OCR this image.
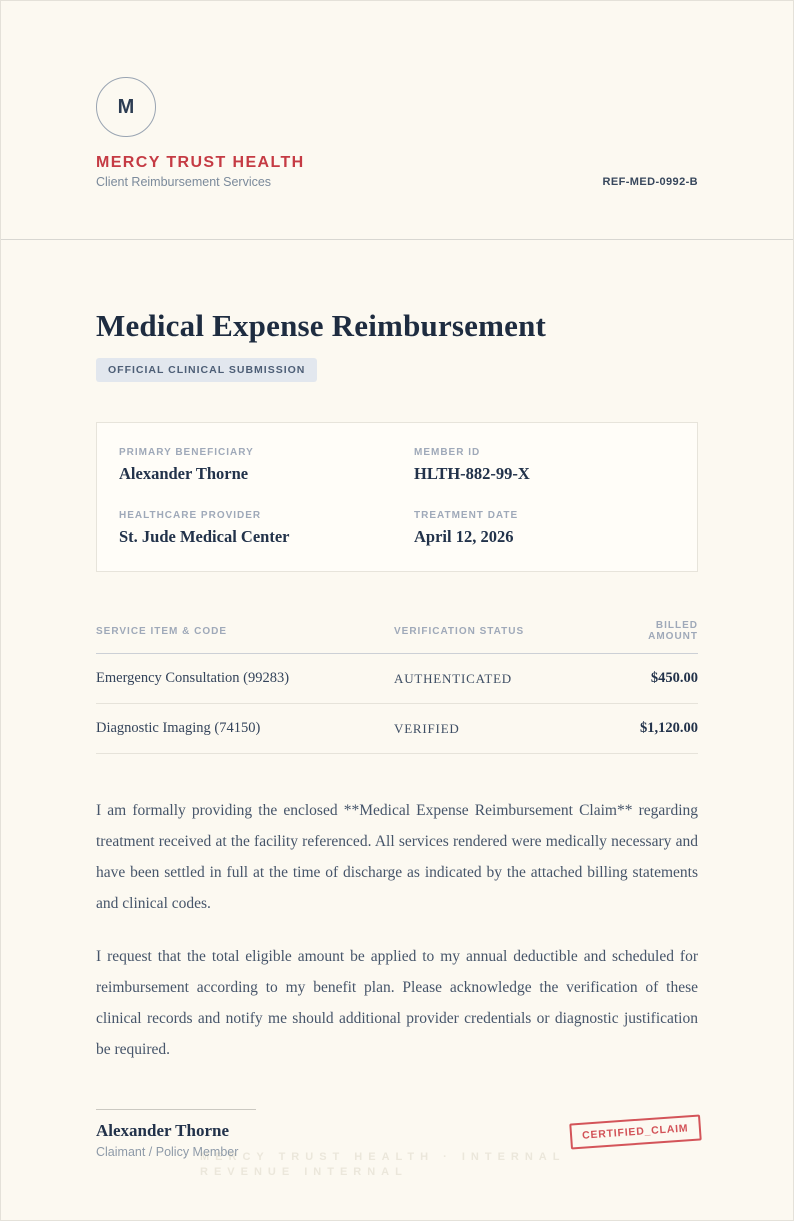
M
MERCY TRUST HEALTH
Client Reimbursement Services	REF-MED-0992-B
Medical Expense Reimbursement
OFFICIAL CLINICAL SUBMISSION
PRIMARY BENEFICIARY
Alexander Thorne
MEMBER ID
HLTH-882-99-X
HEALTHCARE PROVIDER
St. Jude Medical Center
TREATMENT DATE
April 12, 2026
SERVICE ITEM & CODE	VERIFICATION STATUS	BILLED AMOUNT
Emergency Consultation (99283)	AUTHENTICATED	$450.00
Diagnostic Imaging (74150)	VERIFIED	$1,120.00

I am formally providing the enclosed **Medical Expense Reimbursement Claim** regarding treatment received at the facility referenced. All services rendered were medically necessary and have been settled in full at the time of discharge as indicated by the attached billing statements and clinical codes.

I request that the total eligible amount be applied to my annual deductible and scheduled for reimbursement according to my benefit plan. Please acknowledge the verification of these clinical records and notify me should additional provider credentials or diagnostic justification be required.

Alexander Thorne
Claimant / Policy Member
CERTIFIED_CLAIM
MERCY TRUST HEALTH · INTERNAL
REVENUE INTERNAL
